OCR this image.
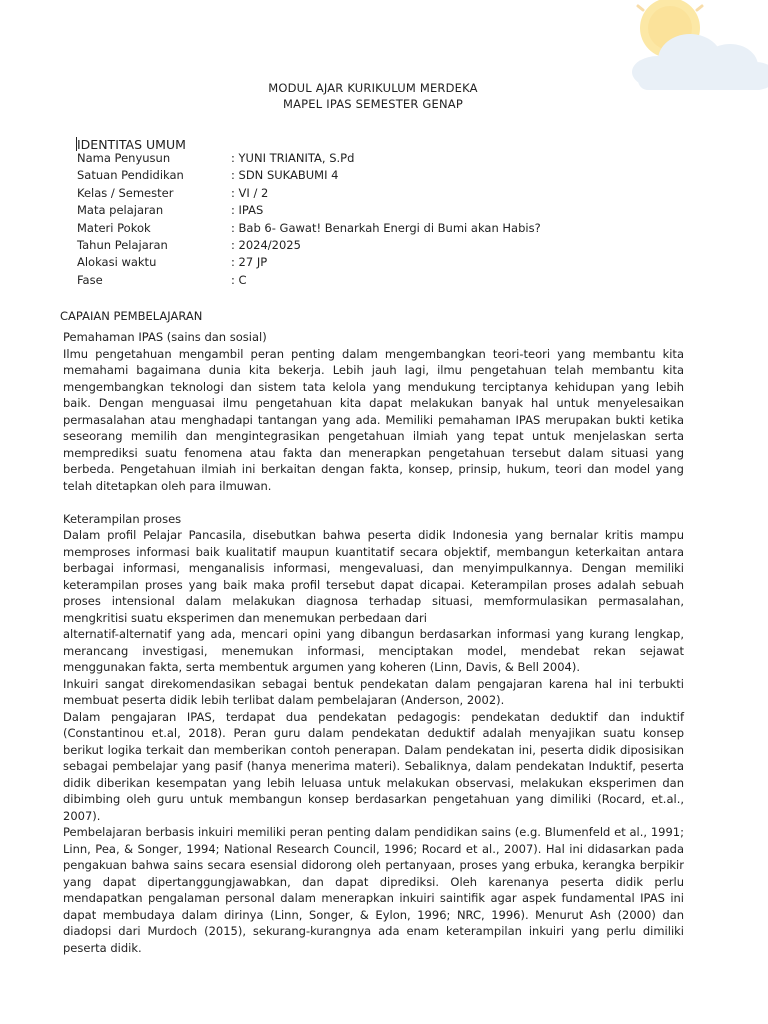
MODUL AJAR KURIKULUM MERDEKA
MAPEL IPAS SEMESTER GENAP
IDENTITAS UMUM
Nama Penyusun	: YUNI TRIANITA, S.Pd
Satuan Pendidikan	: SDN SUKABUMI 4
Kelas / Semester	: VI / 2
Mata pelajaran	: IPAS
Materi Pokok	: Bab 6- Gawat! Benarkah Energi di Bumi akan Habis?
Tahun Pelajaran	: 2024/2025
Alokasi waktu	: 27 JP
Fase	: C
CAPAIAN PEMBELAJARAN
Pemahaman IPAS (sains dan sosial)

Ilmu pengetahuan mengambil peran penting dalam mengembangkan teori-teori yang membantu kita memahami bagaimana dunia kita bekerja. Lebih jauh lagi, ilmu pengetahuan telah membantu kita mengembangkan teknologi dan sistem tata kelola yang mendukung terciptanya kehidupan yang lebih baik. Dengan menguasai ilmu pengetahuan kita dapat melakukan banyak hal untuk menyelesaikan permasalahan atau menghadapi tantangan yang ada. Memiliki pemahaman IPAS merupakan bukti ketika seseorang memilih dan mengintegrasikan pengetahuan ilmiah yang tepat untuk menjelaskan serta memprediksi suatu fenomena atau fakta dan menerapkan pengetahuan tersebut dalam situasi yang berbeda. Pengetahuan ilmiah ini berkaitan dengan fakta, konsep, prinsip, hukum, teori dan model yang telah ditetapkan oleh para ilmuwan.

Keterampilan proses

Dalam profil Pelajar Pancasila, disebutkan bahwa peserta didik Indonesia yang bernalar kritis mampu memproses informasi baik kualitatif maupun kuantitatif secara objektif, membangun keterkaitan antara berbagai informasi, menganalisis informasi, mengevaluasi, dan menyimpulkannya. Dengan memiliki keterampilan proses yang baik maka profil tersebut dapat dicapai. Keterampilan proses adalah sebuah proses intensional dalam melakukan diagnosa terhadap situasi, memformulasikan permasalahan, mengkritisi suatu eksperimen dan menemukan perbedaan dari

alternatif-alternatif yang ada, mencari opini yang dibangun berdasarkan informasi yang kurang lengkap, merancang investigasi, menemukan informasi, menciptakan model, mendebat rekan sejawat menggunakan fakta, serta membentuk argumen yang koheren (Linn, Davis, & Bell 2004).

Inkuiri sangat direkomendasikan sebagai bentuk pendekatan dalam pengajaran karena hal ini terbukti membuat peserta didik lebih terlibat dalam pembelajaran (Anderson, 2002).

Dalam pengajaran IPAS, terdapat dua pendekatan pedagogis: pendekatan deduktif dan induktif (Constantinou et.al, 2018). Peran guru dalam pendekatan deduktif adalah menyajikan suatu konsep berikut logika terkait dan memberikan contoh penerapan. Dalam pendekatan ini, peserta didik diposisikan sebagai pembelajar yang pasif (hanya menerima materi). Sebaliknya, dalam pendekatan Induktif, peserta didik diberikan kesempatan yang lebih leluasa untuk melakukan observasi, melakukan eksperimen dan dibimbing oleh guru untuk membangun konsep berdasarkan pengetahuan yang dimiliki (Rocard, et.al., 2007).

Pembelajaran berbasis inkuiri memiliki peran penting dalam pendidikan sains (e.g. Blumenfeld et al., 1991; Linn, Pea, & Songer, 1994; National Research Council, 1996; Rocard et al., 2007). Hal ini didasarkan pada pengakuan bahwa sains secara esensial didorong oleh pertanyaan, proses yang erbuka, kerangka berpikir yang dapat dipertanggungjawabkan, dan dapat diprediksi. Oleh karenanya peserta didik perlu mendapatkan pengalaman personal dalam menerapkan inkuiri saintifik agar aspek fundamental IPAS ini dapat membudaya dalam dirinya (Linn, Songer, & Eylon, 1996; NRC, 1996). Menurut Ash (2000) dan diadopsi dari Murdoch (2015), sekurang-kurangnya ada enam keterampilan inkuiri yang perlu dimiliki peserta didik.
